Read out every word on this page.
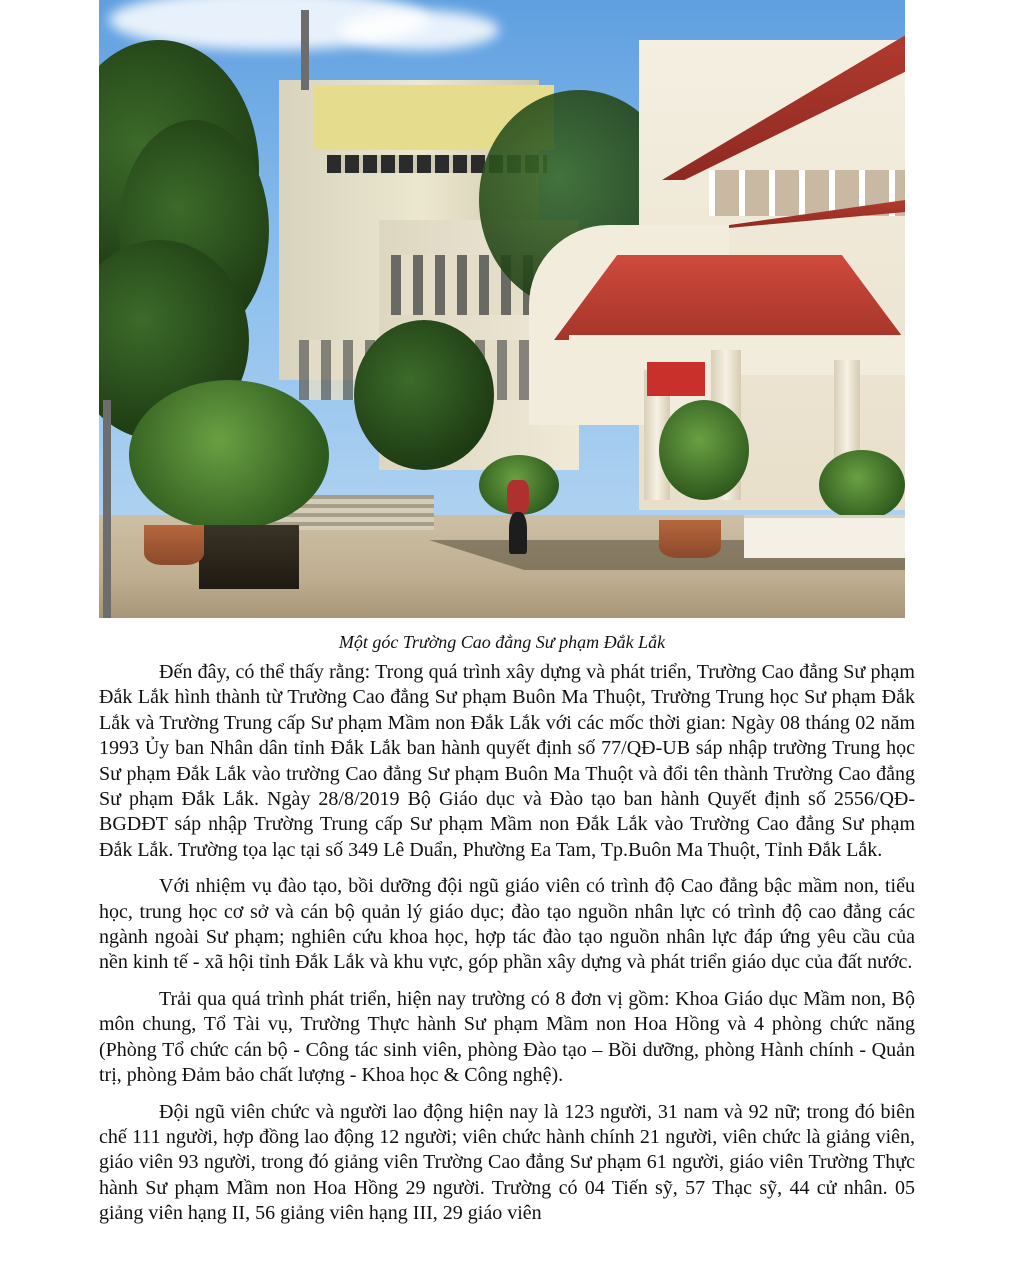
Một góc Trường Cao đẳng Sư phạm Đắk Lắk

Đến đây, có thể thấy rằng: Trong quá trình xây dựng và phát triển, Trường Cao đẳng Sư phạm Đắk Lắk hình thành từ Trường Cao đẳng Sư phạm Buôn Ma Thuột, Trường Trung học Sư phạm Đắk Lắk và Trường Trung cấp Sư phạm Mầm non Đắk Lắk với các mốc thời gian: Ngày 08 tháng 02 năm 1993 Ủy ban Nhân dân tỉnh Đắk Lắk ban hành quyết định số 77/QĐ-UB sáp nhập trường Trung học Sư phạm Đắk Lắk vào trường Cao đẳng Sư phạm Buôn Ma Thuột và đổi tên thành Trường Cao đẳng Sư phạm Đắk Lắk. Ngày 28/8/2019 Bộ Giáo dục và Đào tạo ban hành Quyết định số 2556/QĐ-BGDĐT sáp nhập Trường Trung cấp Sư phạm Mầm non Đắk Lắk vào Trường Cao đẳng Sư phạm Đắk Lắk. Trường tọa lạc tại số 349 Lê Duẩn, Phường Ea Tam, Tp.Buôn Ma Thuột, Tỉnh Đắk Lắk.

Với nhiệm vụ đào tạo, bồi dưỡng đội ngũ giáo viên có trình độ Cao đẳng bậc mầm non, tiểu học, trung học cơ sở và cán bộ quản lý giáo dục; đào tạo nguồn nhân lực có trình độ cao đẳng các ngành ngoài Sư phạm; nghiên cứu khoa học, hợp tác đào tạo nguồn nhân lực đáp ứng yêu cầu của nền kinh tế - xã hội tỉnh Đắk Lắk và khu vực, góp phần xây dựng và phát triển giáo dục của đất nước.

Trải qua quá trình phát triển, hiện nay trường có 8 đơn vị gồm: Khoa Giáo dục Mầm non, Bộ môn chung, Tổ Tài vụ, Trường Thực hành Sư phạm Mầm non Hoa Hồng và 4 phòng chức năng (Phòng Tổ chức cán bộ - Công tác sinh viên, phòng Đào tạo – Bồi dưỡng, phòng Hành chính - Quản trị, phòng Đảm bảo chất lượng - Khoa học & Công nghệ).

Đội ngũ viên chức và người lao động hiện nay là 123 người, 31 nam và 92 nữ; trong đó biên chế 111 người, hợp đồng lao động 12 người; viên chức hành chính 21 người, viên chức là giảng viên, giáo viên 93 người, trong đó giảng viên Trường Cao đẳng Sư phạm 61 người, giáo viên Trường Thực hành Sư phạm Mầm non Hoa Hồng 29 người. Trường có 04 Tiến sỹ, 57 Thạc sỹ, 44 cử nhân. 05 giảng viên hạng II, 56 giảng viên hạng III, 29 giáo viên
